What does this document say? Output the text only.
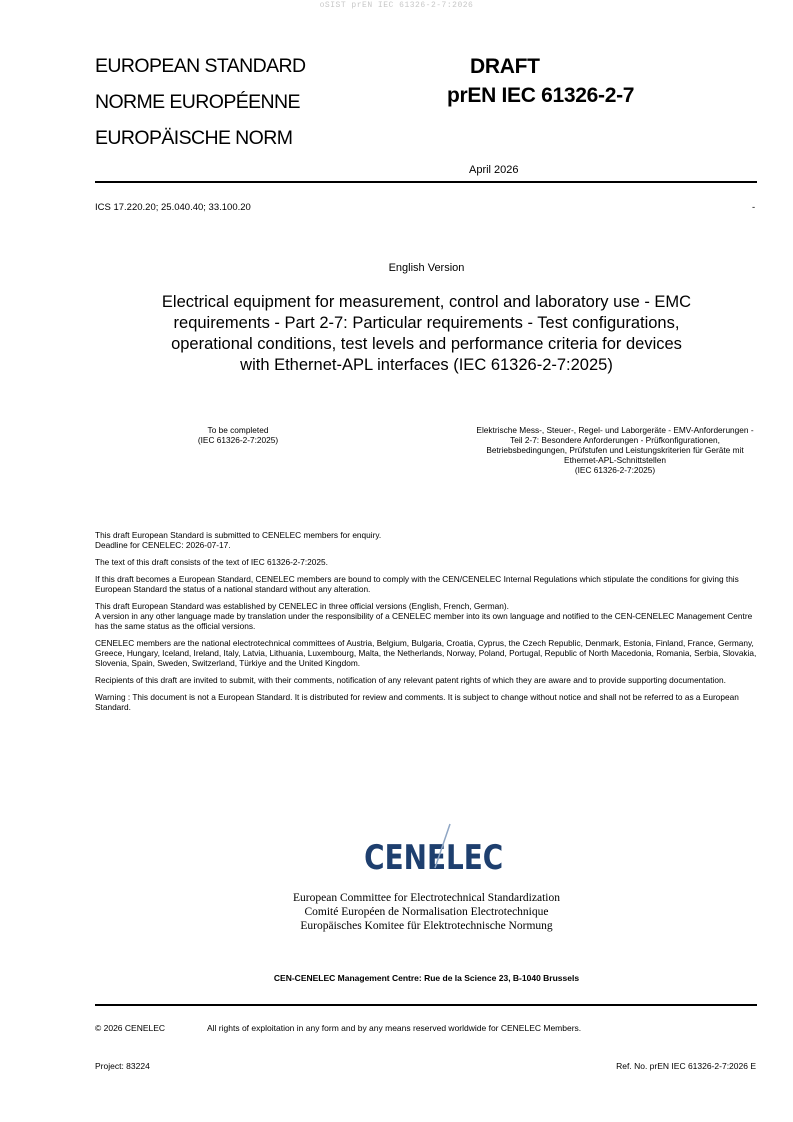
oSIST prEN IEC 61326-2-7:2026
EUROPEAN STANDARD
NORME EUROPÉENNE
EUROPÄISCHE NORM
DRAFT
prEN IEC 61326-2-7
April 2026
ICS 17.220.20; 25.040.40; 33.100.20	-
English Version
Electrical equipment for measurement, control and laboratory use - EMC requirements - Part 2-7: Particular requirements - Test configurations, operational conditions, test levels and performance criteria for devices with Ethernet-APL interfaces (IEC 61326-2-7:2025)
To be completed
(IEC 61326-2-7:2025)
Elektrische Mess-, Steuer-, Regel- und Laborgeräte - EMV-Anforderungen - Teil 2-7: Besondere Anforderungen - Prüfkonfigurationen, Betriebsbedingungen, Prüfstufen und Leistungskriterien für Geräte mit Ethernet-APL-Schnittstellen
(IEC 61326-2-7:2025)

This draft European Standard is submitted to CENELEC members for enquiry.
Deadline for CENELEC: 2026-07-17.

The text of this draft consists of the text of IEC 61326-2-7:2025.

If this draft becomes a European Standard, CENELEC members are bound to comply with the CEN/CENELEC Internal Regulations which stipulate the conditions for giving this European Standard the status of a national standard without any alteration.

This draft European Standard was established by CENELEC in three official versions (English, French, German).
A version in any other language made by translation under the responsibility of a CENELEC member into its own language and notified to the CEN-CENELEC Management Centre has the same status as the official versions.

CENELEC members are the national electrotechnical committees of Austria, Belgium, Bulgaria, Croatia, Cyprus, the Czech Republic, Denmark, Estonia, Finland, France, Germany, Greece, Hungary, Iceland, Ireland, Italy, Latvia, Lithuania, Luxembourg, Malta, the Netherlands, Norway, Poland, Portugal, Republic of North Macedonia, Romania, Serbia, Slovakia, Slovenia, Spain, Sweden, Switzerland, Türkiye and the United Kingdom.

Recipients of this draft are invited to submit, with their comments, notification of any relevant patent rights of which they are aware and to provide supporting documentation.

Warning : This document is not a European Standard. It is distributed for review and comments. It is subject to change without notice and shall not be referred to as a European Standard.

CENELEC
European Committee for Electrotechnical Standardization
Comité Européen de Normalisation Electrotechnique
Europäisches Komitee für Elektrotechnische Normung
CEN-CENELEC Management Centre: Rue de la Science 23, B-1040 Brussels
© 2026 CENELEC	All rights of exploitation in any form and by any means reserved worldwide for CENELEC Members.
Project: 83224	Ref. No. prEN IEC 61326-2-7:2026 E
